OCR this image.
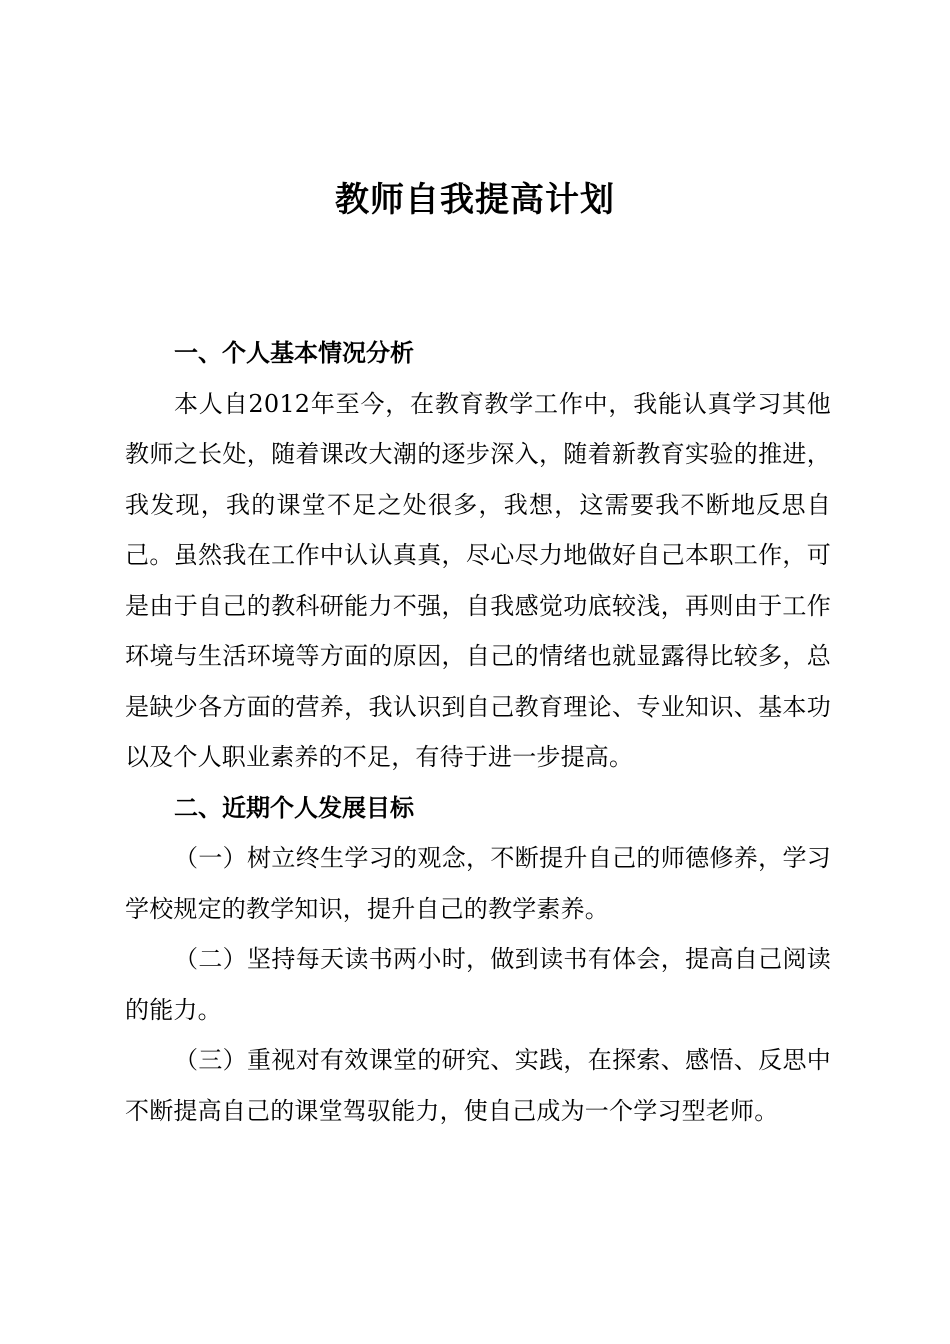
教师自我提高计划

一、个人基本情况分析

本人自2012年至今，在教育教学工作中，我能认真学习其他教师之长处，随着课改大潮的逐步深入，随着新教育实验的推进，我发现，我的课堂不足之处很多，我想，这需要我不断地反思自己。虽然我在工作中认认真真，尽心尽力地做好自己本职工作，可是由于自己的教科研能力不强，自我感觉功底较浅，再则由于工作环境与生活环境等方面的原因，自己的情绪也就显露得比较多，总是缺少各方面的营养，我认识到自己教育理论、专业知识、基本功以及个人职业素养的不足，有待于进一步提高。

二、近期个人发展目标

（一）树立终生学习的观念，不断提升自己的师德修养，学习学校规定的教学知识，提升自己的教学素养。

（二）坚持每天读书两小时，做到读书有体会，提高自己阅读的能力。

（三）重视对有效课堂的研究、实践，在探索、感悟、反思中不断提高自己的课堂驾驭能力，使自己成为一个学习型老师。
